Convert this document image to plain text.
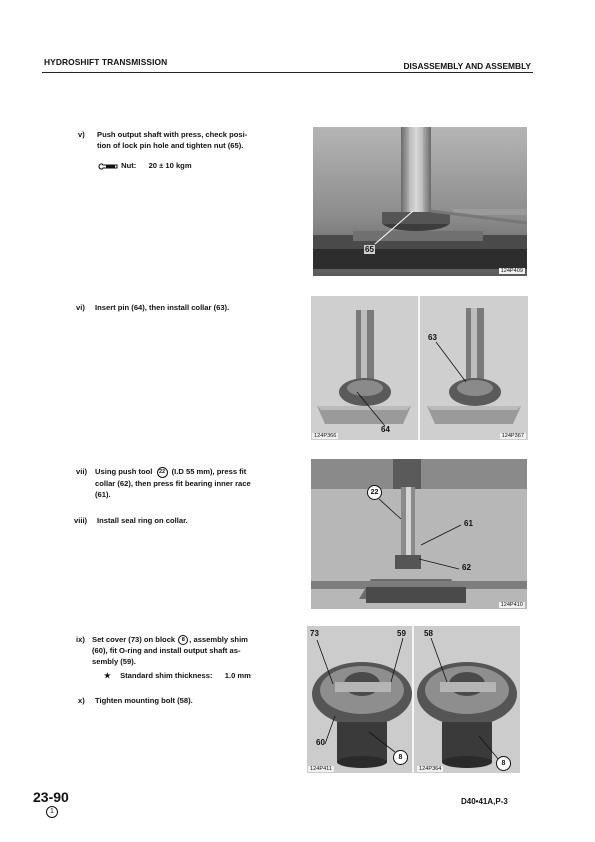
HYDROSHIFT TRANSMISSION	DISASSEMBLY AND ASSEMBLY
v) Push output shaft with press, check posi-
tion of lock pin hole and tighten nut (65).
Nut: 20 ± 10 kgm
vi) Insert pin (64), then install collar (63).
vii) Using push tool 22 (I.D 55 mm), press fit
collar (62), then press fit bearing inner race
(61).
viii) Install seal ring on collar.
ix) Set cover (73) on block 8 , assembly shim
(60), fit O-ring and install output shaft as-
sembly (59).
★ Standard shim thickness: 1.0 mm
x) Tighten mounting bolt (58).
65
124P409
63
64
124P366	124P367
22
61
62
124P410
73	59 58
60
8
8
124P411	124P364
23-90
1
D40•41A,P-3
